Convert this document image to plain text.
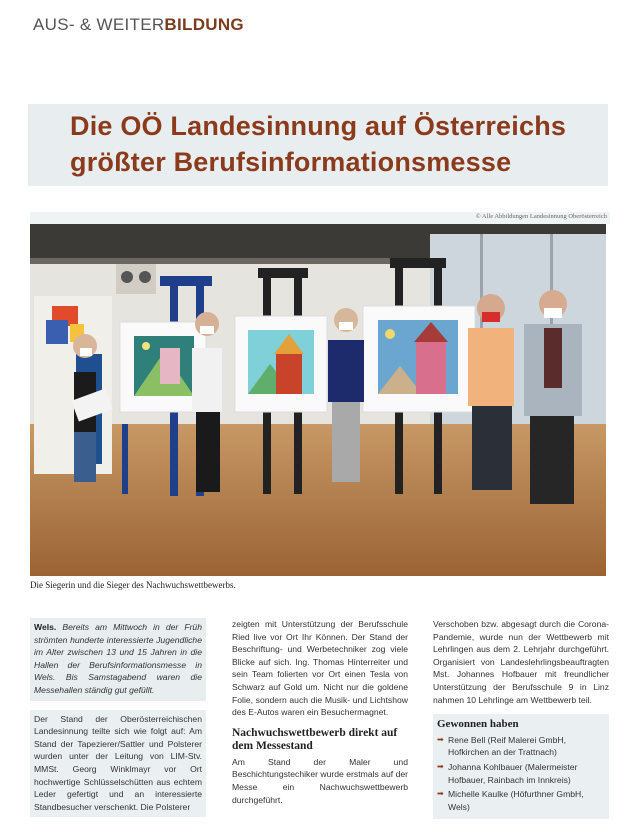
AUS- & WEITERBILDUNG
Die OÖ Landesinnung auf Österreichs
größter Berufsinformationsmesse
© Alle Abbildungen Landesinnung Oberösterreich
Die Siegerin und die Sieger des Nachwuchswettbewerbs.
Wels. Bereits am Mittwoch in der Früh strömten hunderte interessierte Jugendliche im Alter zwischen 13 und 15 Jahren in die Hallen der Berufsinformationsmesse in Wels. Bis Samstagabend waren die Messehallen ständig gut gefüllt.
Der Stand der Oberösterreichischen Landesinnung teilte sich wie folgt auf: Am Stand der Tapezierer/Sattler und Polsterer wurden unter der Leitung von LIM-Stv. MMSt. Georg Winklmayr vor Ort hochwertige Schlüsselschütten aus echtem Leder gefertigt und an interessierte Standbesucher verschenkt. Die Polsterer

zeigten mit Unterstützung der Berufsschule Ried live vor Ort Ihr Können. Der Stand der Beschriftung- und Werbetechniker zog viele Blicke auf sich. Ing. Thomas Hinterreiter und sein Team folierten vor Ort einen Tesla von Schwarz auf Gold um. Nicht nur die goldene Folie, sondern auch die Musik- und Lichtshow des E-Autos waren ein Besuchermagnet.

Nachwuchswettbewerb direkt auf dem Messestand

Am Stand der Maler und Beschichtungstechiker wurde erstmals auf der Messe ein Nachwuchswettbewerb durchgeführt.

Verschoben bzw. abgesagt durch die Corona-Pandemie, wurde nun der Wettbewerb mit Lehrlingen aus dem 2. Lehrjahr durchgeführt. Organisiert von Landeslehrlingsbeauftragten Mst. Johannes Hofbauer mit freundlicher Unterstützung der Berufsschule 9 in Linz nahmen 10 Lehrlinge am Wettbewerb teil.

Gewonnen haben
➡ Rene Bell (Reif Malerei GmbH, Hofkirchen an der Trattnach)
➡ Johanna Kohlbauer (Malermeister Hofbauer, Rainbach im Innkreis)
➡ Michelle Kaulke (Höfurthner GmbH, Wels)
